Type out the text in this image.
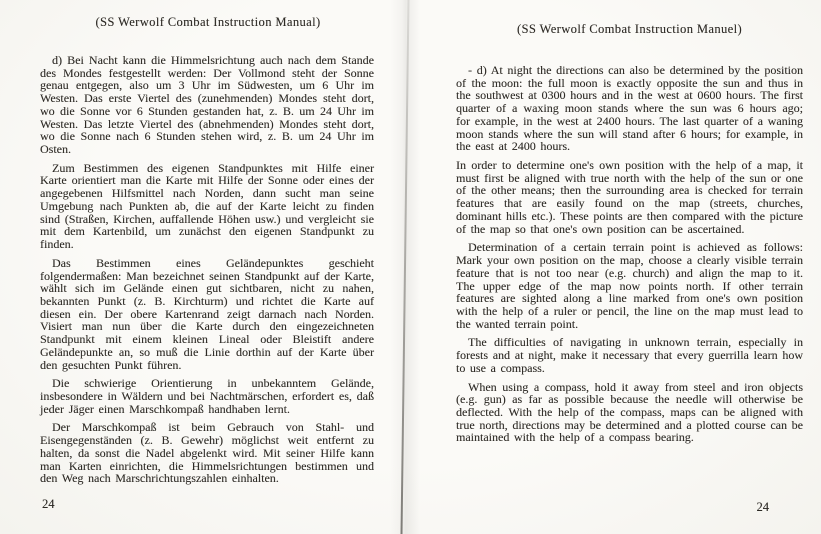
(SS Werwolf Combat Instruction Manual)

d) Bei Nacht kann die Himmelsrichtung auch nach dem Stande des Mondes festgestellt werden: Der Vollmond steht der Sonne genau entgegen, also um 3 Uhr im Südwesten, um 6 Uhr im Westen. Das erste Viertel des (zunehmenden) Mondes steht dort, wo die Sonne vor 6 Stunden gestanden hat, z. B. um 24 Uhr im Westen. Das letzte Viertel des (abnehmenden) Mondes steht dort, wo die Sonne nach 6 Stunden stehen wird, z. B. um 24 Uhr im Osten.

Zum Bestimmen des eigenen Standpunktes mit Hilfe einer Karte orientiert man die Karte mit Hilfe der Sonne oder eines der angegebenen Hilfsmittel nach Norden, dann sucht man seine Umgebung nach Punkten ab, die auf der Karte leicht zu finden sind (Straßen, Kirchen, auffallende Höhen usw.) und vergleicht sie mit dem Kartenbild, um zunächst den eigenen Standpunkt zu finden.

Das Bestimmen eines Geländepunktes geschieht folgendermaßen: Man bezeichnet seinen Standpunkt auf der Karte, wählt sich im Gelände einen gut sichtbaren, nicht zu nahen, bekannten Punkt (z. B. Kirchturm) und richtet die Karte auf diesen ein. Der obere Kartenrand zeigt darnach nach Norden. Visiert man nun über die Karte durch den eingezeichneten Standpunkt mit einem kleinen Lineal oder Bleistift andere Geländepunkte an, so muß die Linie dorthin auf der Karte über den gesuchten Punkt führen.

Die schwierige Orientierung in unbekanntem Gelände, insbesondere in Wäldern und bei Nachtmärschen, erfordert es, daß jeder Jäger einen Marschkompaß handhaben lernt.

Der Marschkompaß ist beim Gebrauch von Stahl- und Eisengegenständen (z. B. Gewehr) möglichst weit entfernt zu halten, da sonst die Nadel abgelenkt wird. Mit seiner Hilfe kann man Karten einrichten, die Himmelsrichtungen bestimmen und den Weg nach Marschrichtungszahlen einhalten.

24
(SS Werwolf Combat Instruction Manuel)

- d) At night the directions can also be determined by the position of the moon: the full moon is exactly opposite the sun and thus in the southwest at 0300 hours and in the west at 0600 hours. The first quarter of a waxing moon stands where the sun was 6 hours ago; for example, in the west at 2400 hours. The last quarter of a waning moon stands where the sun will stand after 6 hours; for example, in the east at 2400 hours.

In order to determine one's own position with the help of a map, it must first be aligned with true north with the help of the sun or one of the other means; then the surrounding area is checked for terrain features that are easily found on the map (streets, churches, dominant hills etc.). These points are then compared with the picture of the map so that one's own position can be ascertained.

Determination of a certain terrain point is achieved as follows: Mark your own position on the map, choose a clearly visible terrain feature that is not too near (e.g. church) and align the map to it. The upper edge of the map now points north. If other terrain features are sighted along a line marked from one's own position with the help of a ruler or pencil, the line on the map must lead to the wanted terrain point.

The difficulties of navigating in unknown terrain, especially in forests and at night, make it necessary that every guerrilla learn how to use a compass.

When using a compass, hold it away from steel and iron objects (e.g. gun) as far as possible because the needle will otherwise be deflected. With the help of the compass, maps can be aligned with true north, directions may be determined and a plotted course can be maintained with the help of a compass bearing.

24
